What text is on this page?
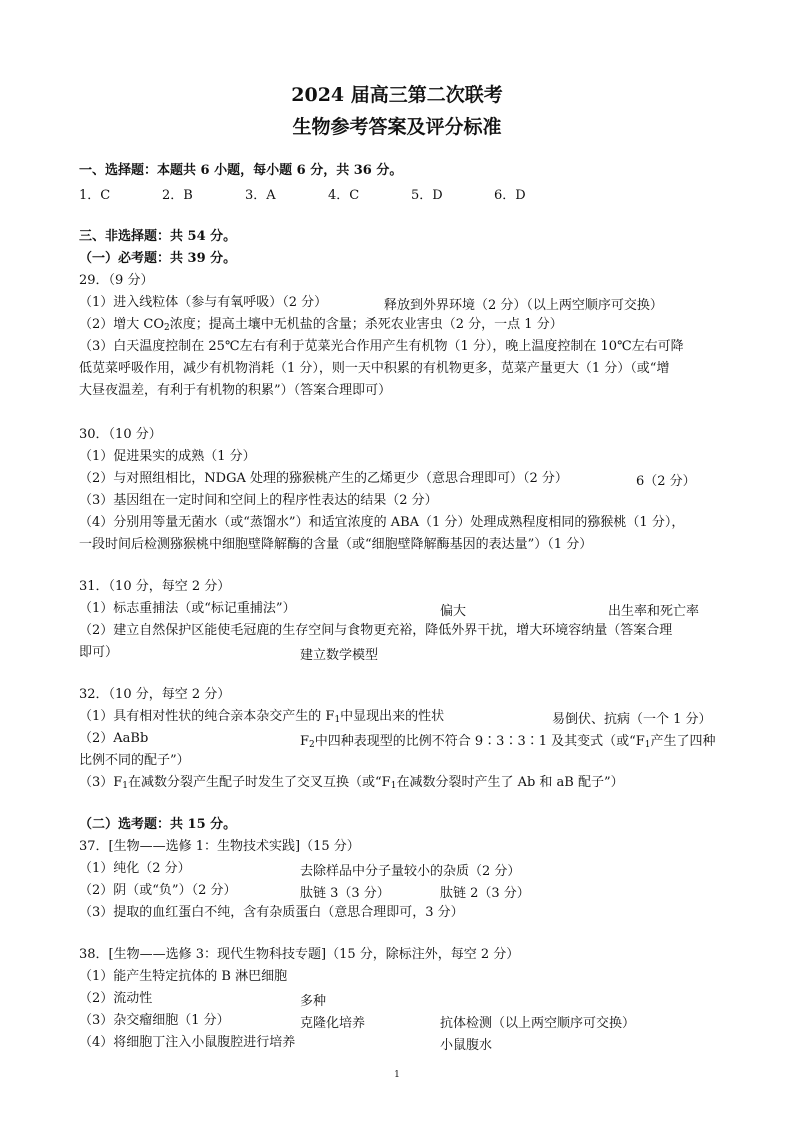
2024 届高三第二次联考
生物参考答案及评分标准
一、选择题：本题共 6 小题，每小题 6 分，共 36 分。
1．C	2．B	3．A	4．C	5．D	6．D
三、非选择题：共 54 分。
（一）必考题：共 39 分。
29．（9 分）
（1）进入线粒体（参与有氧呼吸）（2 分）	释放到外界环境（2 分）（以上两空顺序可交换）
（2）增大 $CO_2$浓度；提高土壤中无机盐的含量；杀死农业害虫（2 分，一点 1 分）
（3）白天温度控制在 25℃左右有利于苋菜光合作用产生有机物（1 分），晚上温度控制在 10℃左右可降
低苋菜呼吸作用，减少有机物消耗（1 分），则一天中积累的有机物更多，苋菜产量更大（1 分）（或“增
大昼夜温差，有利于有机物的积累”）（答案合理即可）
30．（10 分）
（1）促进果实的成熟（1 分）
（2）与对照组相比，NDGA 处理的猕猴桃产生的乙烯更少（意思合理即可）（2 分）	6（2 分）
（3）基因组在一定时间和空间上的程序性表达的结果（2 分）
（4）分别用等量无菌水（或“蒸馏水”）和适宜浓度的 ABA（1 分）处理成熟程度相同的猕猴桃（1 分），
一段时间后检测猕猴桃中细胞壁降解酶的含量（或“细胞壁降解酶基因的表达量”）（1 分）
31．（10 分，每空 2 分）
（1）标志重捕法（或“标记重捕法”）	偏大	出生率和死亡率
（2）建立自然保护区能使毛冠鹿的生存空间与食物更充裕，降低外界干扰，增大环境容纳量（答案合理
即可）	建立数学模型
32．（10 分，每空 2 分）
（1）具有相对性状的纯合亲本杂交产生的 $F_1$中显现出来的性状	易倒伏、抗病（一个 1 分）
（2）AaBb	$F_2$中四种表现型的比例不符合 9∶3∶3∶1 及其变式（或“$F_1$产生了四种
比例不同的配子”）
$(3)F_1$在减数分裂产生配子时发生了交叉互换（或“$F_1$在减数分裂时产生了 Ab 和 aB 配子”）
（二）选考题：共 15 分。
37．[生物——选修 1：生物技术实践]（15 分）
（1）纯化（2 分）	去除样品中分子量较小的杂质（2 分）
（2）阴（或“负”）（2 分）	肽链 3（3 分）	肽链 2（3 分）
（3）提取的血红蛋白不纯，含有杂质蛋白（意思合理即可，3 分）
38．[生物——选修 3：现代生物科技专题]（15 分，除标注外，每空 2 分）
（1）能产生特定抗体的 B 淋巴细胞
（2）流动性	多种
（3）杂交瘤细胞（1 分）	克隆化培养	抗体检测（以上两空顺序可交换）
（4）将细胞丁注入小鼠腹腔进行培养	小鼠腹水
1
